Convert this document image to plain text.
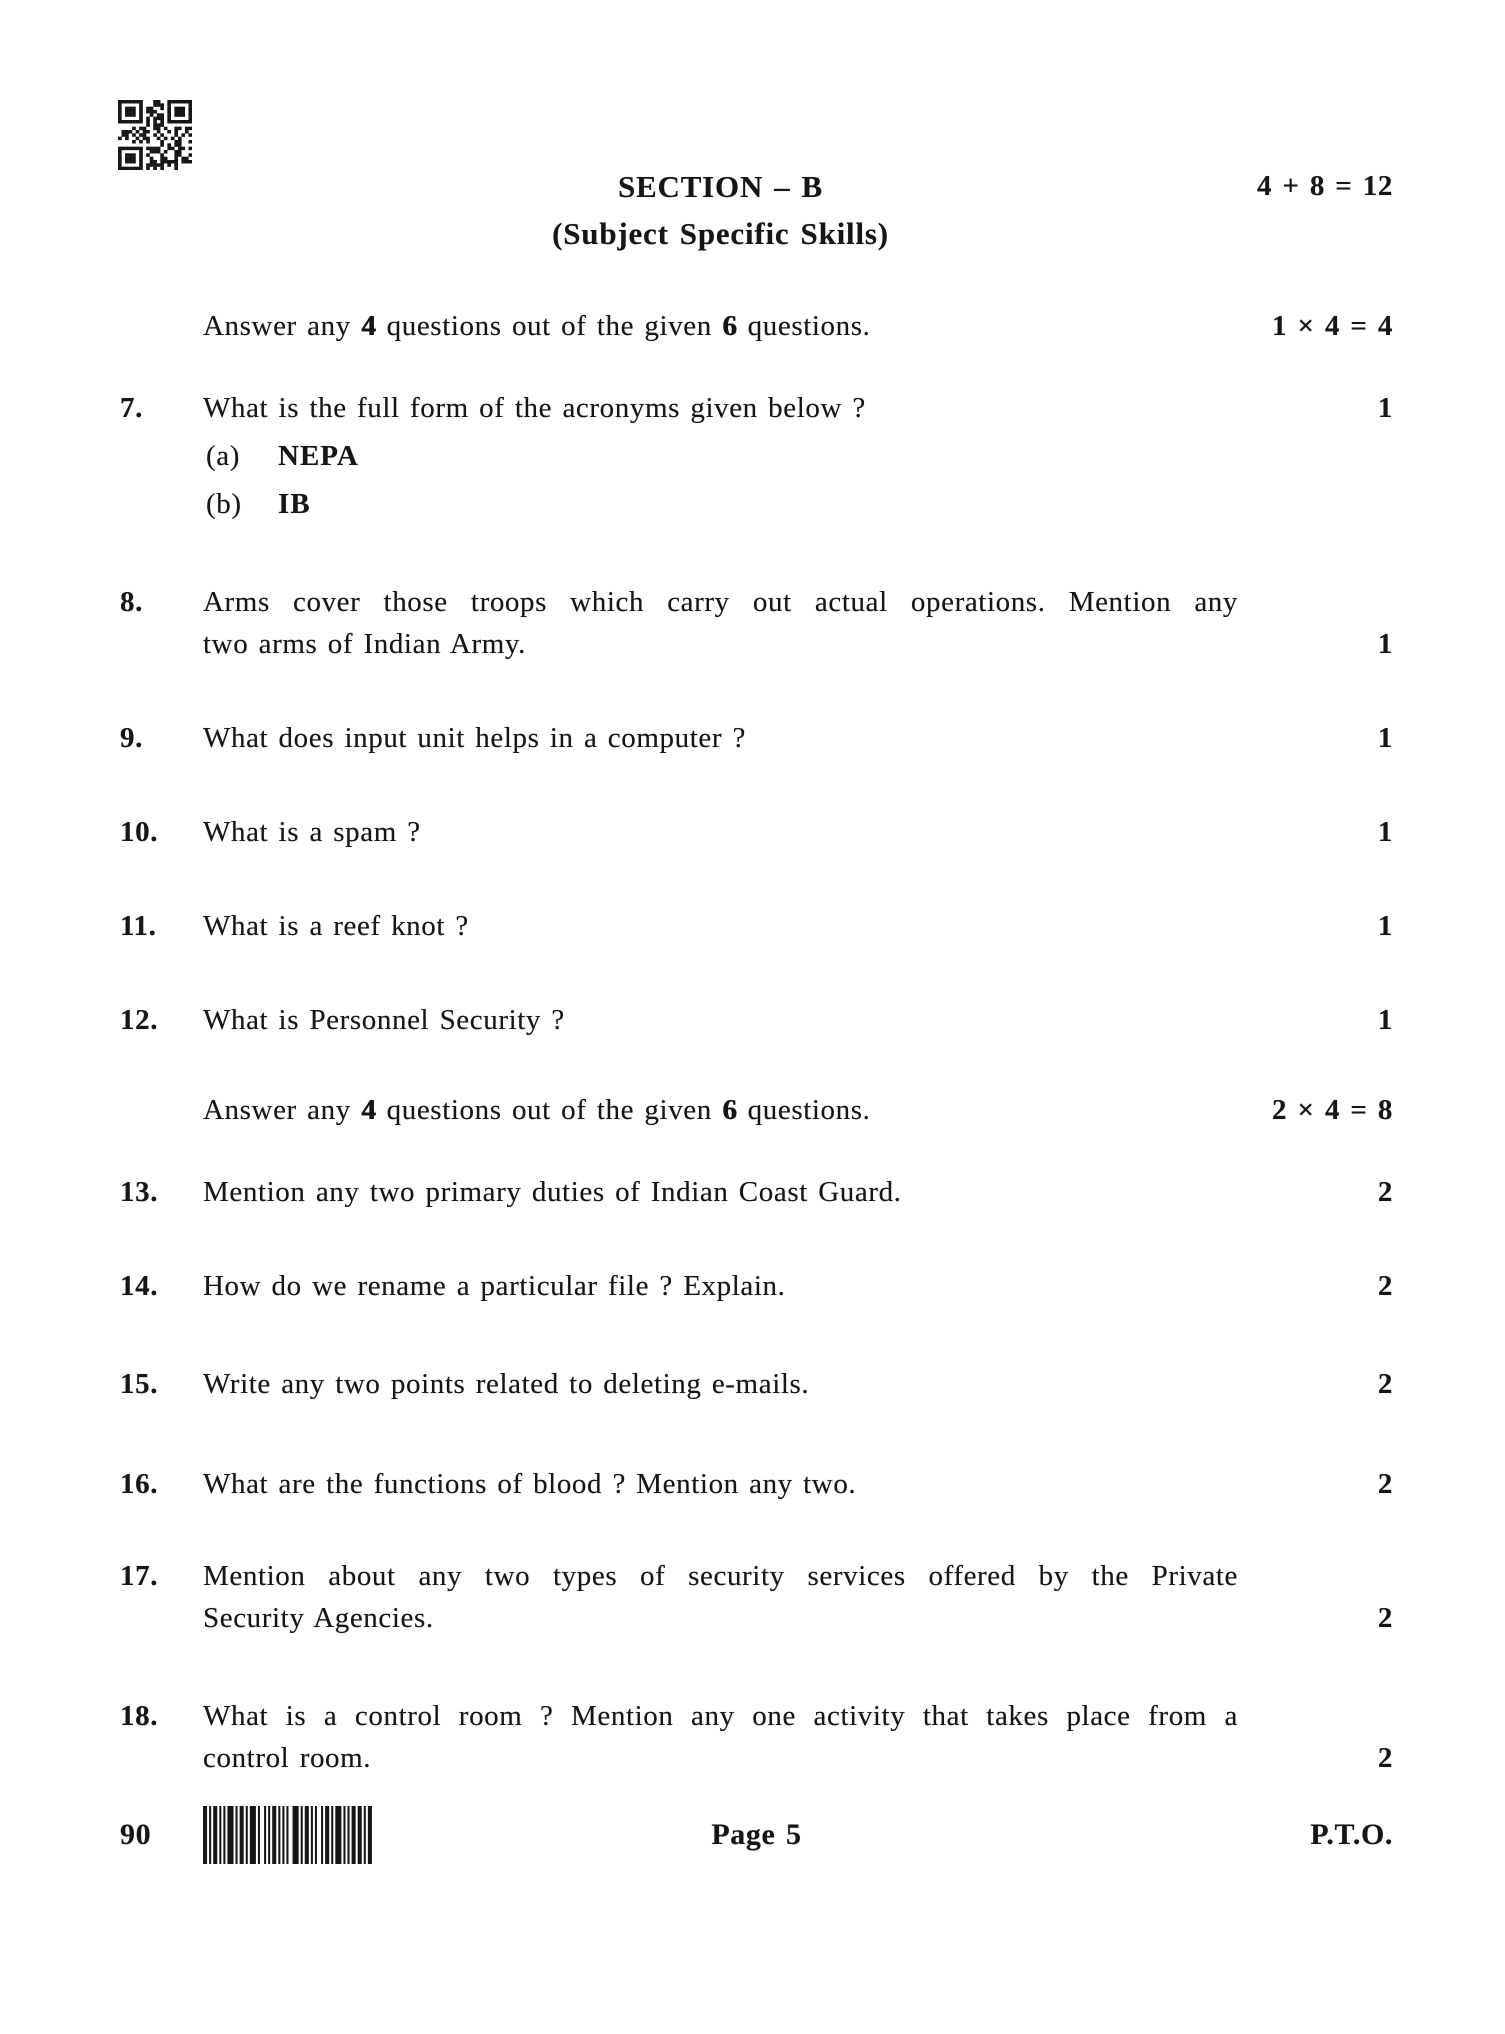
SECTION – B
(Subject Specific Skills)
4 + 8 = 12
Answer any 4 questions out of the given 6 questions.	1 × 4 = 4
7.	What is the full form of the acronyms given below ?
(a)	NEPA
(b)	IB
1
8.	Arms cover those troops which carry out actual operations. Mention any
two arms of Indian Army.	1
9.	What does input unit helps in a computer ?	1
10.	What is a spam ?	1
11.	What is a reef knot ?	1
12.	What is Personnel Security ?	1
Answer any 4 questions out of the given 6 questions.	2 × 4 = 8
13.	Mention any two primary duties of Indian Coast Guard.	2
14.	How do we rename a particular file ? Explain.	2
15.	Write any two points related to deleting e-mails.	2
16.	What are the functions of blood ? Mention any two.	2
17.	Mention about any two types of security services offered by the Private
Security Agencies.	2
18.	What is a control room ? Mention any one activity that takes place from a
control room.	2
90	Page 5	P.T.O.
